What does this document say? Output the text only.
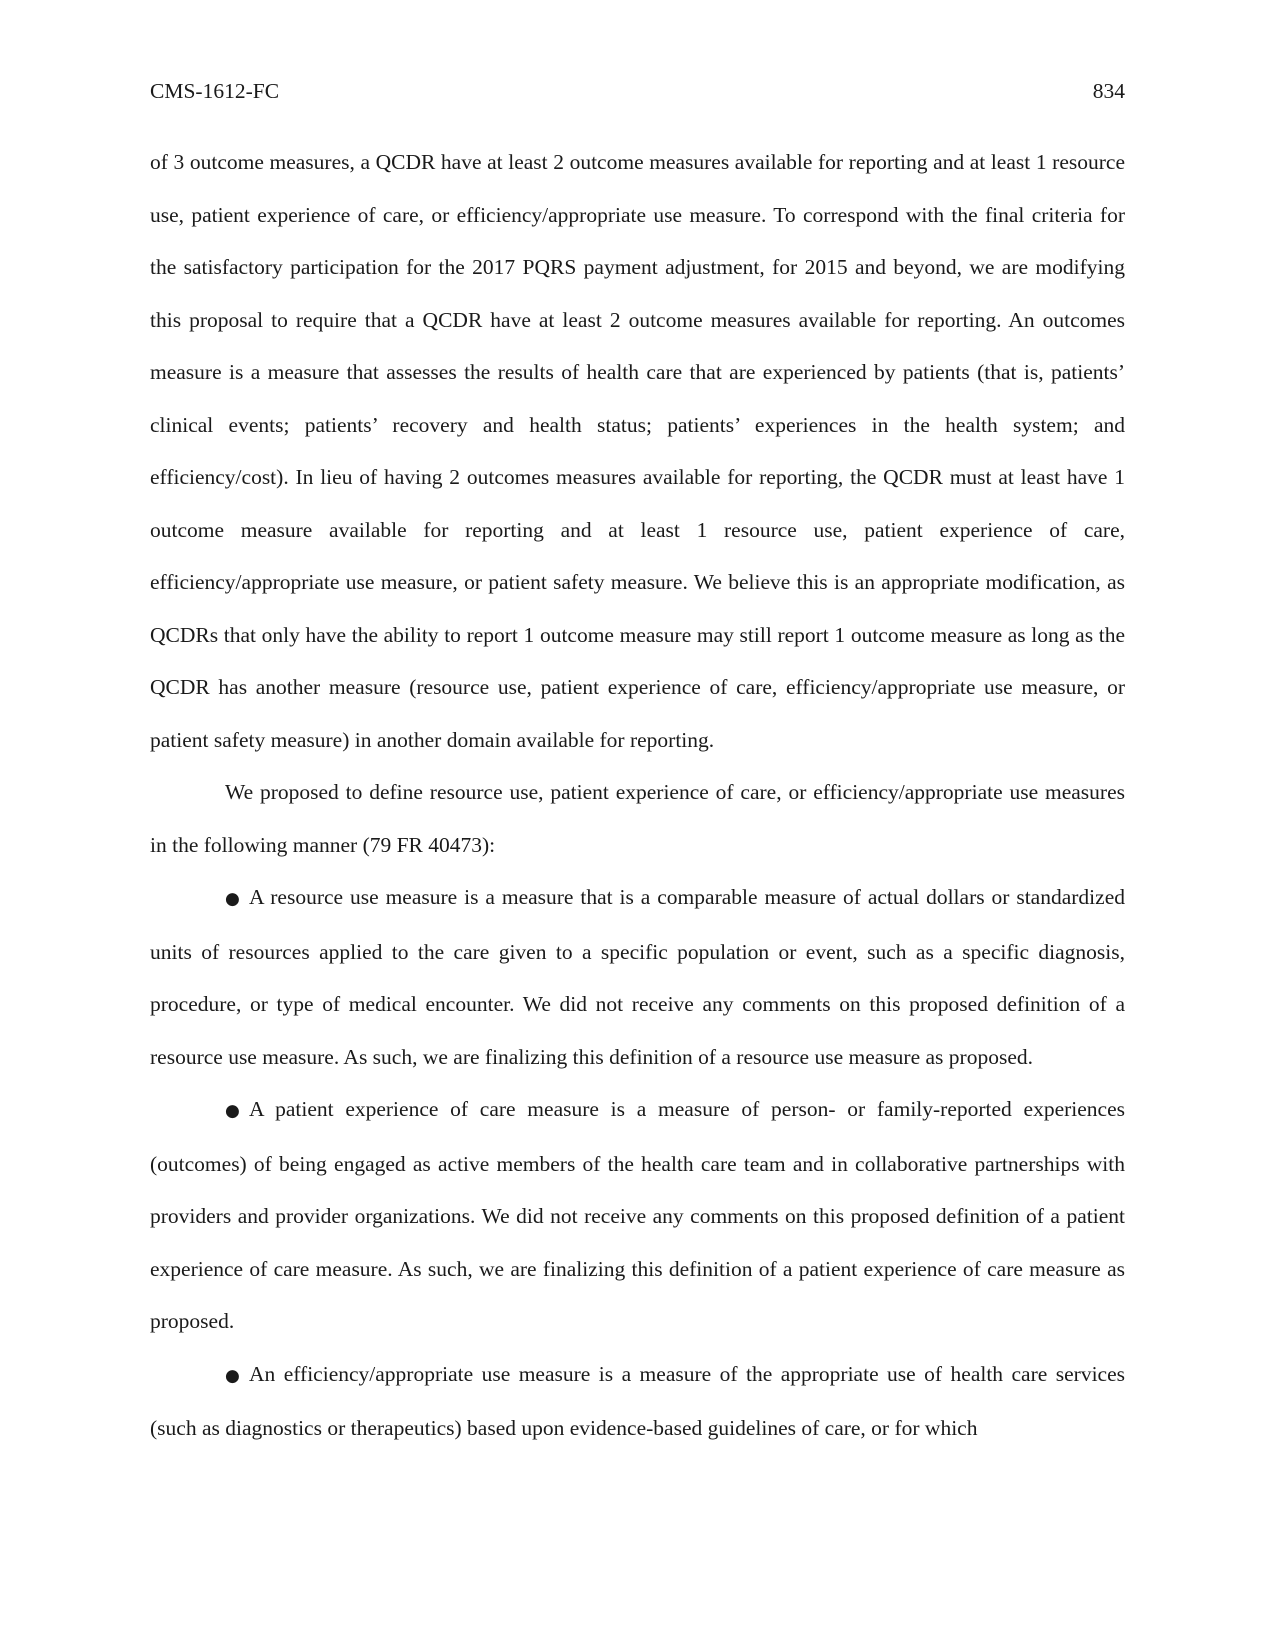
CMS-1612-FC	834

of 3 outcome measures, a QCDR have at least 2 outcome measures available for reporting and at least 1 resource use, patient experience of care, or efficiency/appropriate use measure. To correspond with the final criteria for the satisfactory participation for the 2017 PQRS payment adjustment, for 2015 and beyond, we are modifying this proposal to require that a QCDR have at least 2 outcome measures available for reporting. An outcomes measure is a measure that assesses the results of health care that are experienced by patients (that is, patients’ clinical events; patients’ recovery and health status; patients’ experiences in the health system; and efficiency/cost). In lieu of having 2 outcomes measures available for reporting, the QCDR must at least have 1 outcome measure available for reporting and at least 1 resource use, patient experience of care, efficiency/appropriate use measure, or patient safety measure. We believe this is an appropriate modification, as QCDRs that only have the ability to report 1 outcome measure may still report 1 outcome measure as long as the QCDR has another measure (resource use, patient experience of care, efficiency/appropriate use measure, or patient safety measure) in another domain available for reporting.

We proposed to define resource use, patient experience of care, or efficiency/appropriate use measures in the following manner (79 FR 40473):

● A resource use measure is a measure that is a comparable measure of actual dollars or standardized units of resources applied to the care given to a specific population or event, such as a specific diagnosis, procedure, or type of medical encounter. We did not receive any comments on this proposed definition of a resource use measure. As such, we are finalizing this definition of a resource use measure as proposed.

● A patient experience of care measure is a measure of person- or family-reported experiences (outcomes) of being engaged as active members of the health care team and in collaborative partnerships with providers and provider organizations. We did not receive any comments on this proposed definition of a patient experience of care measure. As such, we are finalizing this definition of a patient experience of care measure as proposed.

● An efficiency/appropriate use measure is a measure of the appropriate use of health care services (such as diagnostics or therapeutics) based upon evidence-based guidelines of care, or for which
